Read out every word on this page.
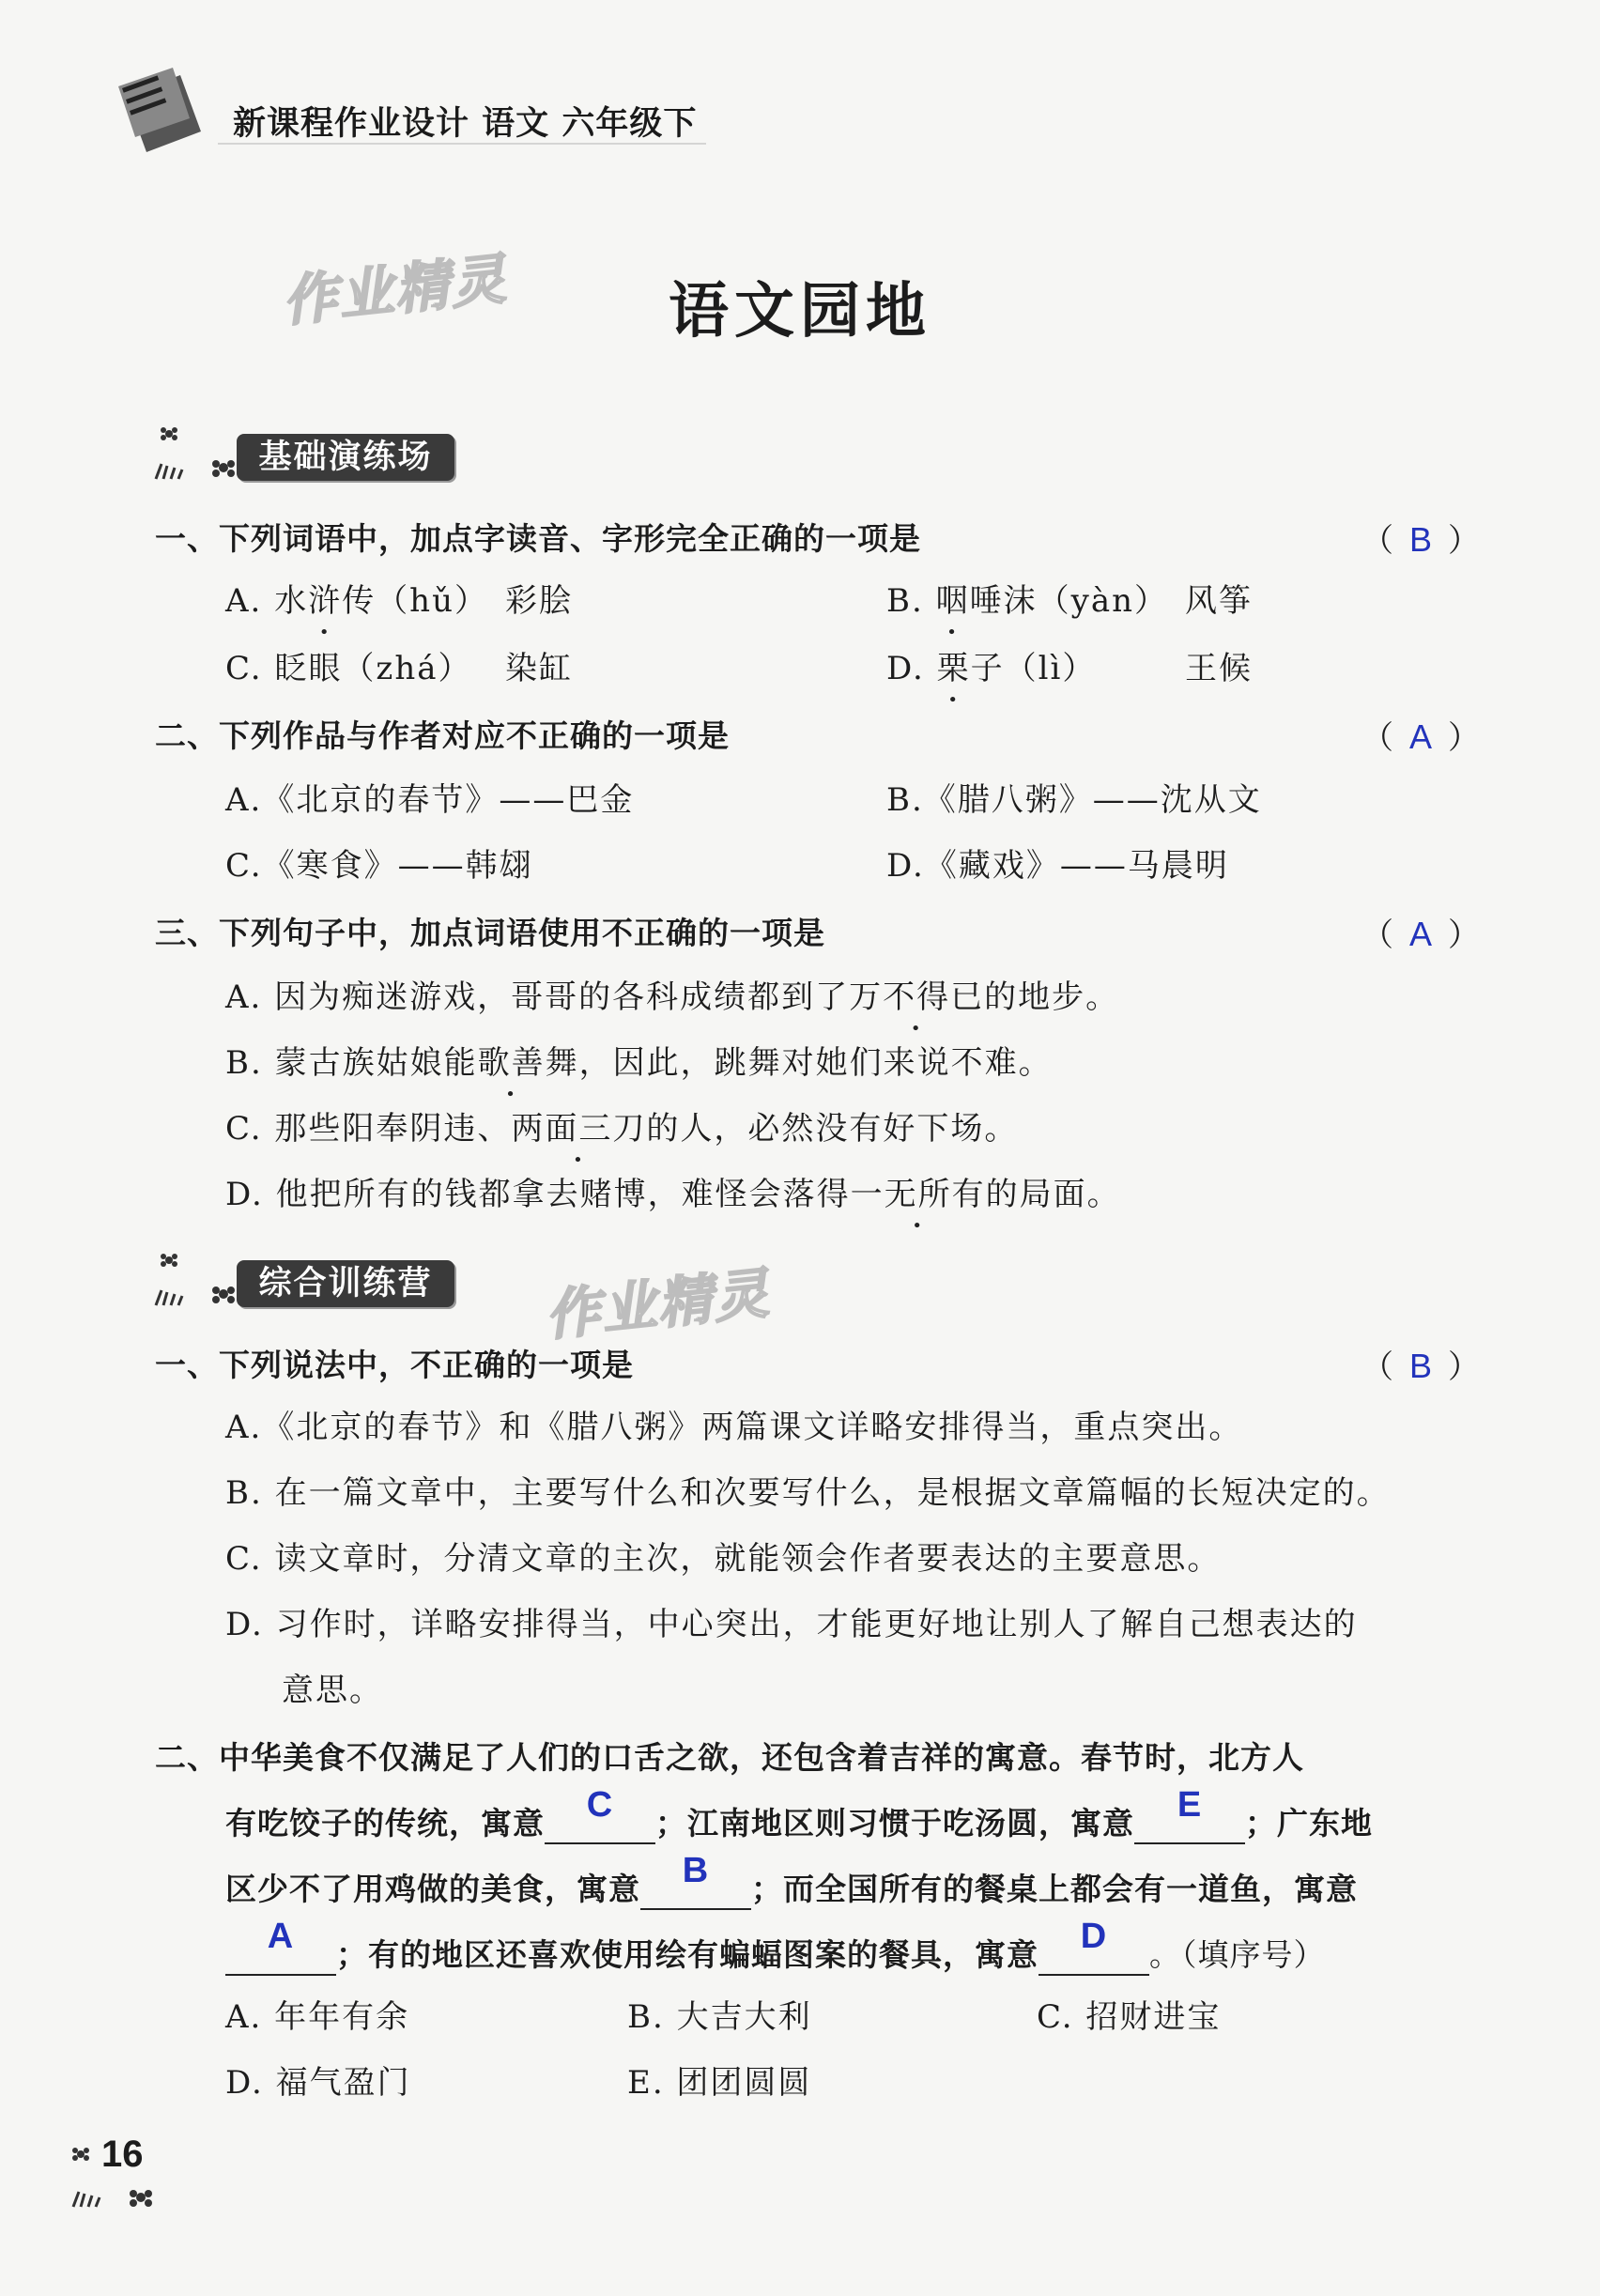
新课程作业设计 语文 六年级下
作业精灵
作业精灵
语文园地
基础演练场
一、下列词语中，加点字读音、字形完全正确的一项是	（ B ）
A. 水浒传（hǔ） 彩脍	B. 咽唾沫（yàn） 风筝
C. 眨眼（zhá） 染缸	D. 栗子（lì）	王候
二、下列作品与作者对应不正确的一项是	（ A ）
A.《北京的春节》——巴金	B.《腊八粥》——沈从文
C.《寒食》——韩翃	D.《藏戏》——马晨明
三、下列句子中，加点词语使用不正确的一项是	（ A ）
A. 因为痴迷游戏，哥哥的各科成绩都到了万不得已的地步。
B. 蒙古族姑娘能歌善舞，因此，跳舞对她们来说不难。
C. 那些阳奉阴违、两面三刀的人，必然没有好下场。
D. 他把所有的钱都拿去赌博，难怪会落得一无所有的局面。
综合训练营
一、下列说法中，不正确的一项是	（ B ）
A.《北京的春节》和《腊八粥》两篇课文详略安排得当，重点突出。
B. 在一篇文章中，主要写什么和次要写什么，是根据文章篇幅的长短决定的。
C. 读文章时，分清文章的主次，就能领会作者要表达的主要意思。
D. 习作时，详略安排得当，中心突出，才能更好地让别人了解自己想表达的
意思。
二、中华美食不仅满足了人们的口舌之欲，还包含着吉祥的寓意。春节时，北方人
有吃饺子的传统，寓意	C	；江南地区则习惯于吃汤圆，寓意	E	；广东地
区少不了用鸡做的美食，寓意	B	；而全国所有的餐桌上都会有一道鱼，寓意
A	；有的地区还喜欢使用绘有蝙蝠图案的餐具，寓意	D	。（填序号）
A. 年年有余	B. 大吉大利	C. 招财进宝
D. 福气盈门	E. 团团圆圆
16
